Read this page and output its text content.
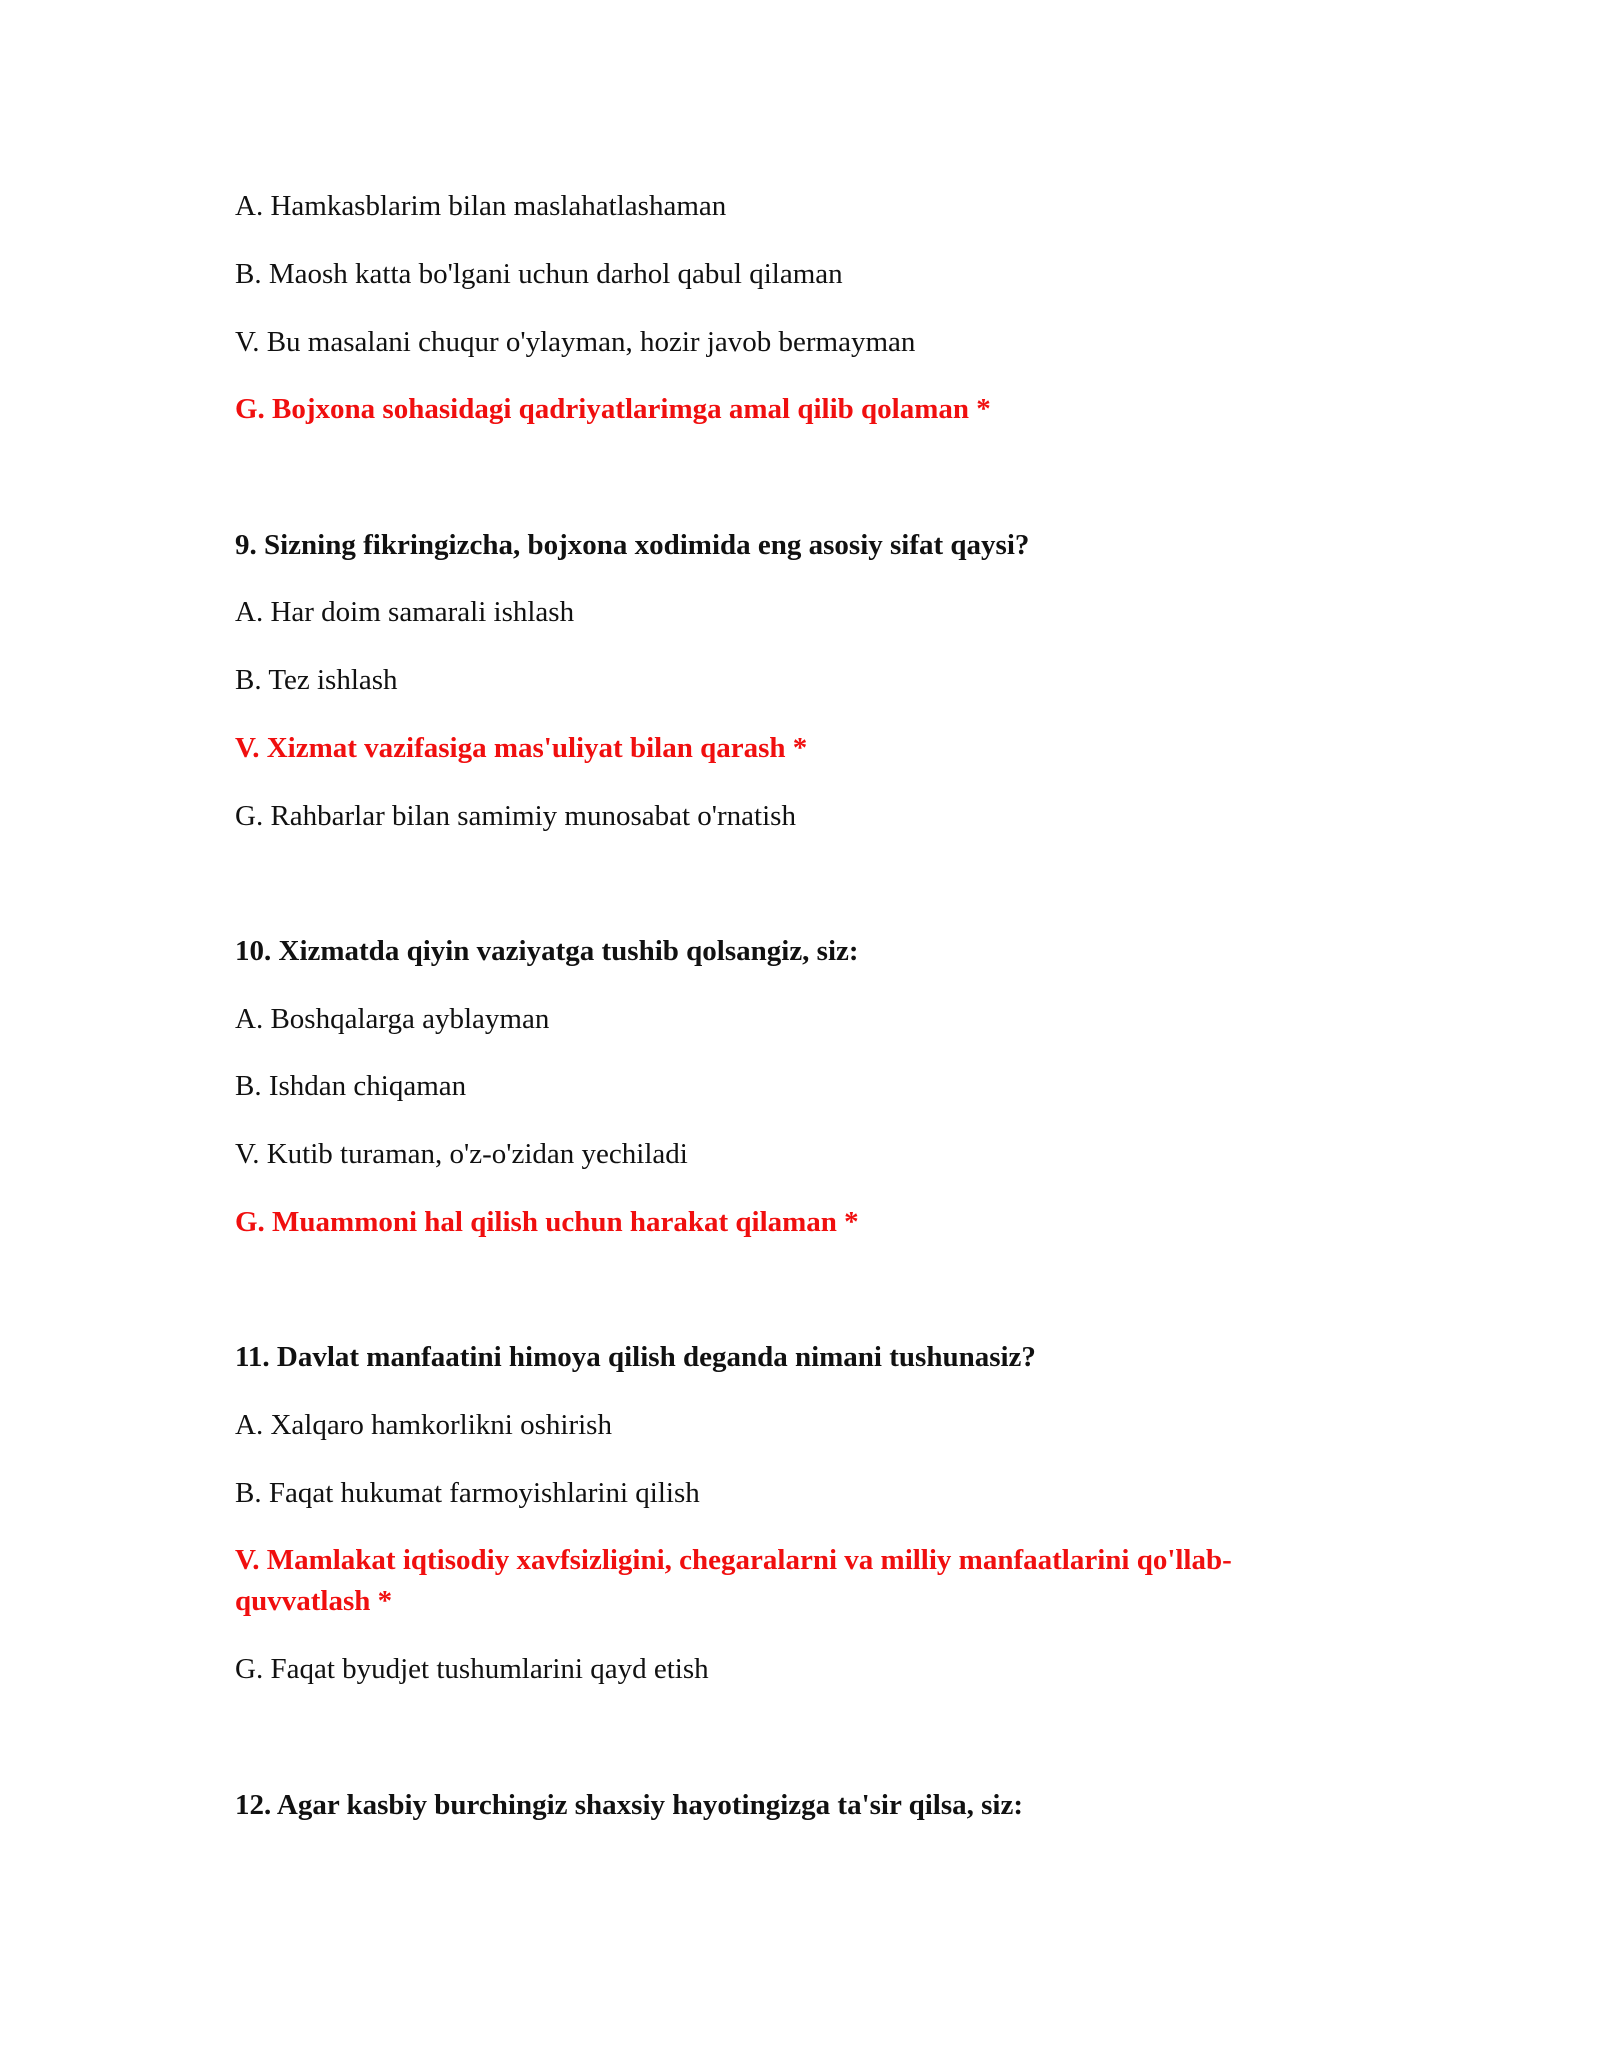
A. Hamkasblarim bilan maslahatlashaman

B. Maosh katta bo'lgani uchun darhol qabul qilaman

V. Bu masalani chuqur o'ylayman, hozir javob bermayman

G. Bojxona sohasidagi qadriyatlarimga amal qilib qolaman *

9. Sizning fikringizcha, bojxona xodimida eng asosiy sifat qaysi?

A. Har doim samarali ishlash

B. Tez ishlash

V. Xizmat vazifasiga mas'uliyat bilan qarash *

G. Rahbarlar bilan samimiy munosabat o'rnatish

10. Xizmatda qiyin vaziyatga tushib qolsangiz, siz:

A. Boshqalarga ayblayman

B. Ishdan chiqaman

V. Kutib turaman, o'z-o'zidan yechiladi

G. Muammoni hal qilish uchun harakat qilaman *

11. Davlat manfaatini himoya qilish deganda nimani tushunasiz?

A. Xalqaro hamkorlikni oshirish

B. Faqat hukumat farmoyishlarini qilish

V. Mamlakat iqtisodiy xavfsizligini, chegaralarni va milliy manfaatlarini qo'llab-

quvvatlash *

G. Faqat byudjet tushumlarini qayd etish

12. Agar kasbiy burchingiz shaxsiy hayotingizga ta'sir qilsa, siz:
